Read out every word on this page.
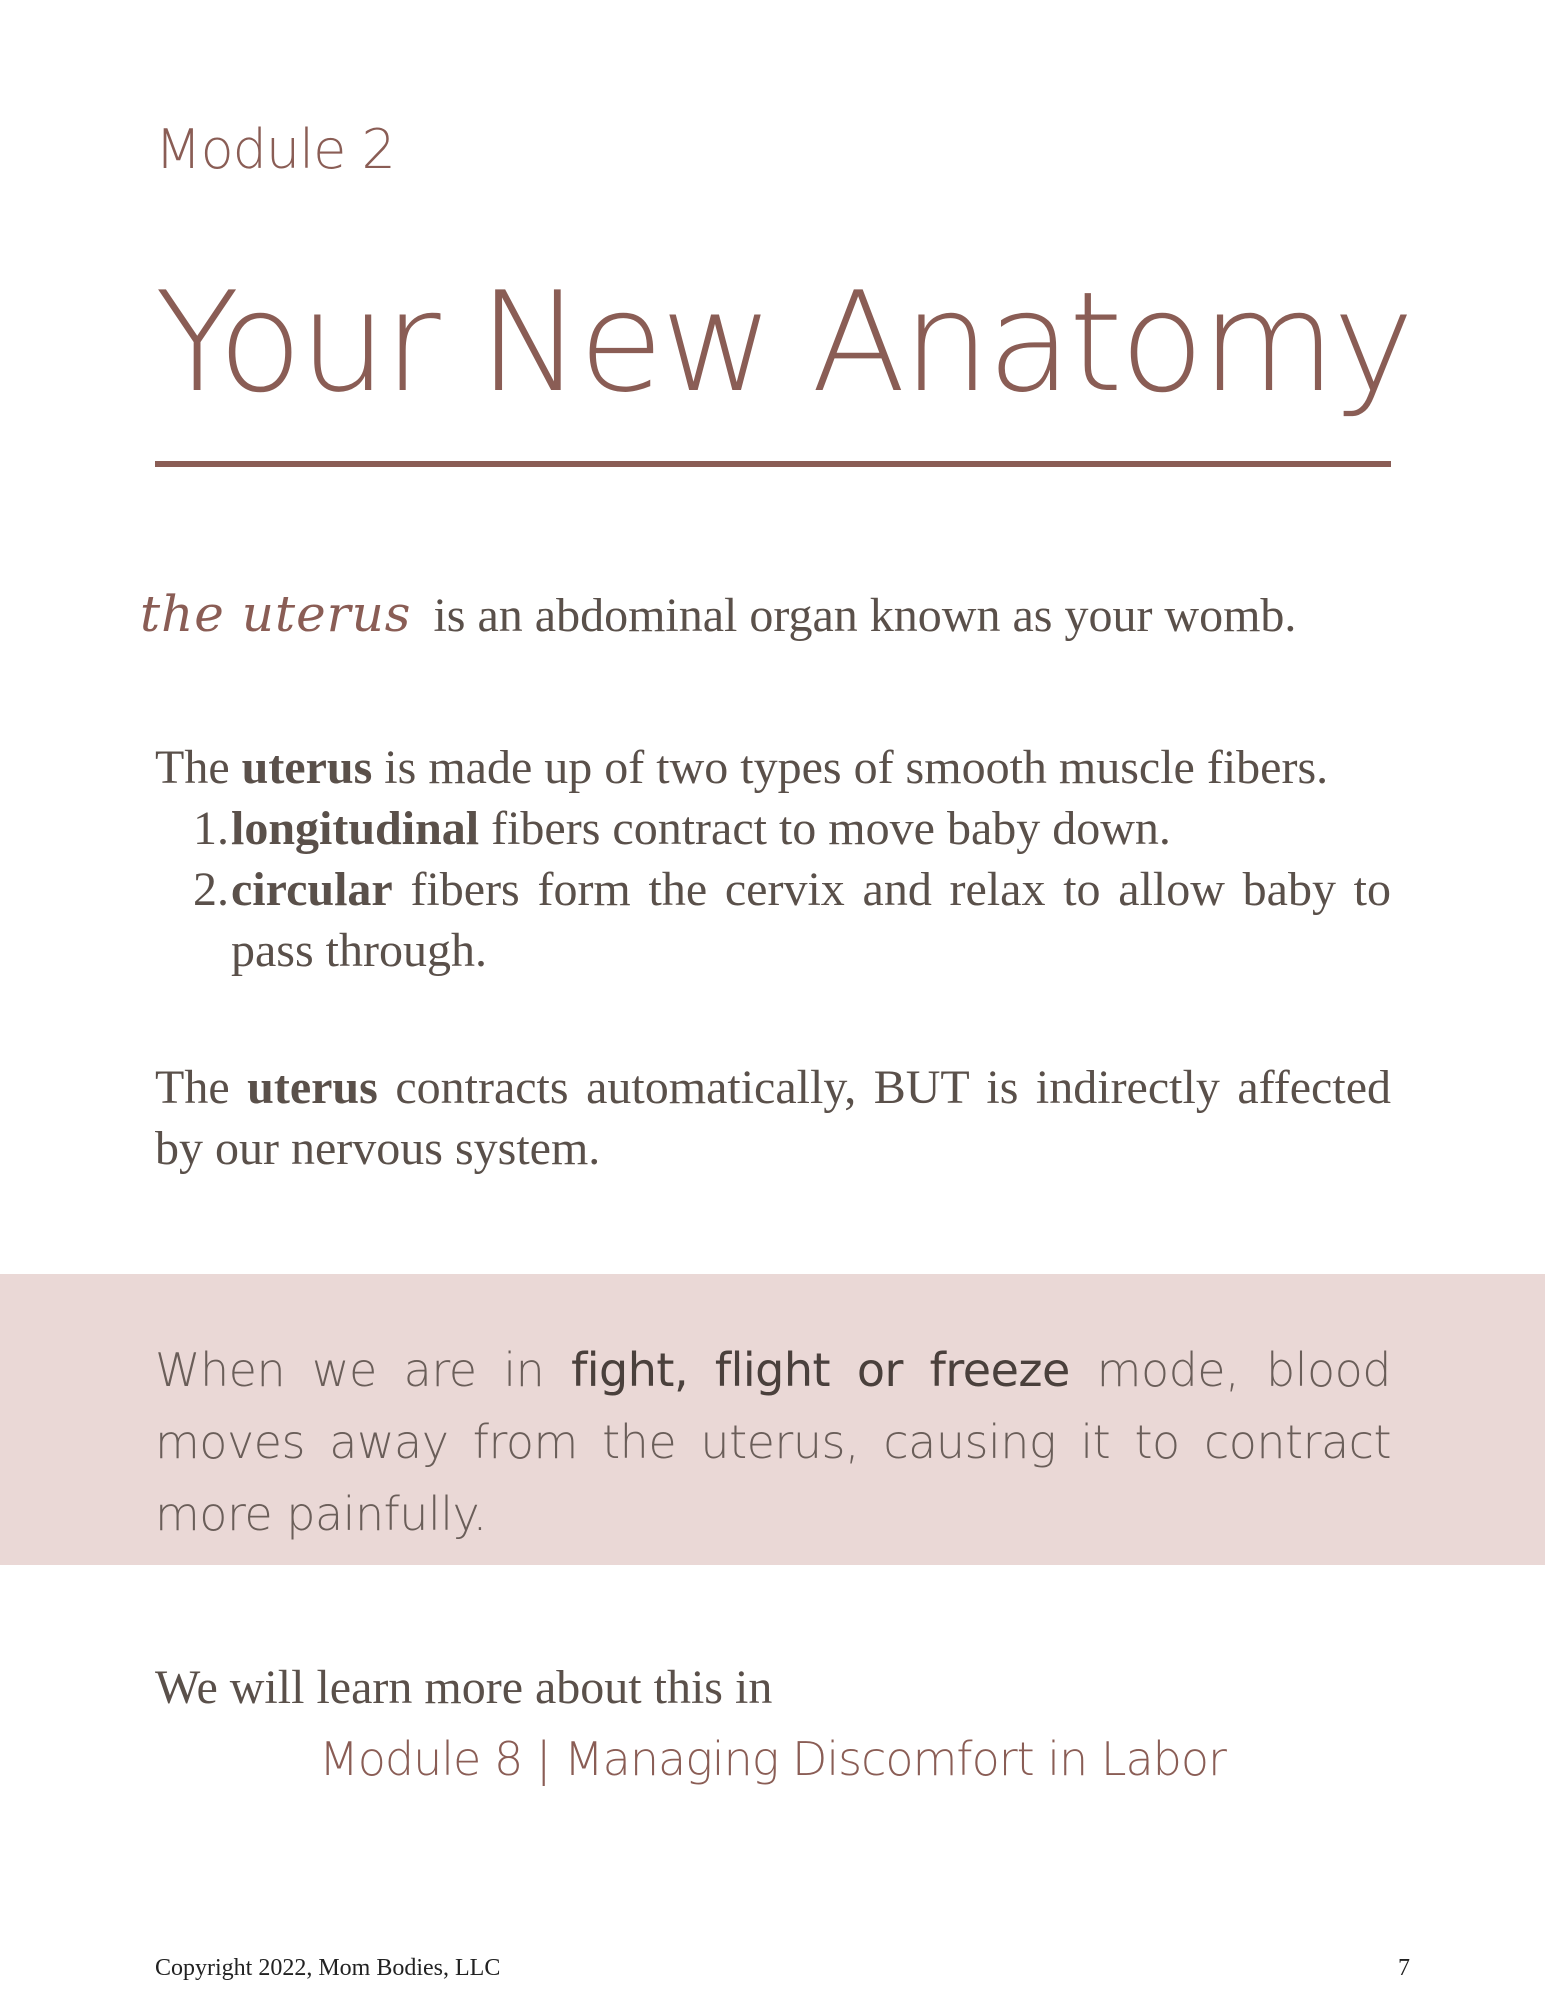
Module 2
Your New Anatomy
the uterus is an abdominal organ known as your womb.
The uterus is made up of two types of smooth muscle fibers.
1. longitudinal fibers contract to move baby down.
2. circular fibers form the cervix and relax to allow baby to pass through.
The uterus contracts automatically, BUT is indirectly affected by our nervous system.
When we are in fight, flight or freeze mode, blood moves away from the uterus, causing it to contract more painfully.
We will learn more about this in
Module 8 | Managing Discomfort in Labor
Copyright 2022, Mom Bodies, LLC	7
